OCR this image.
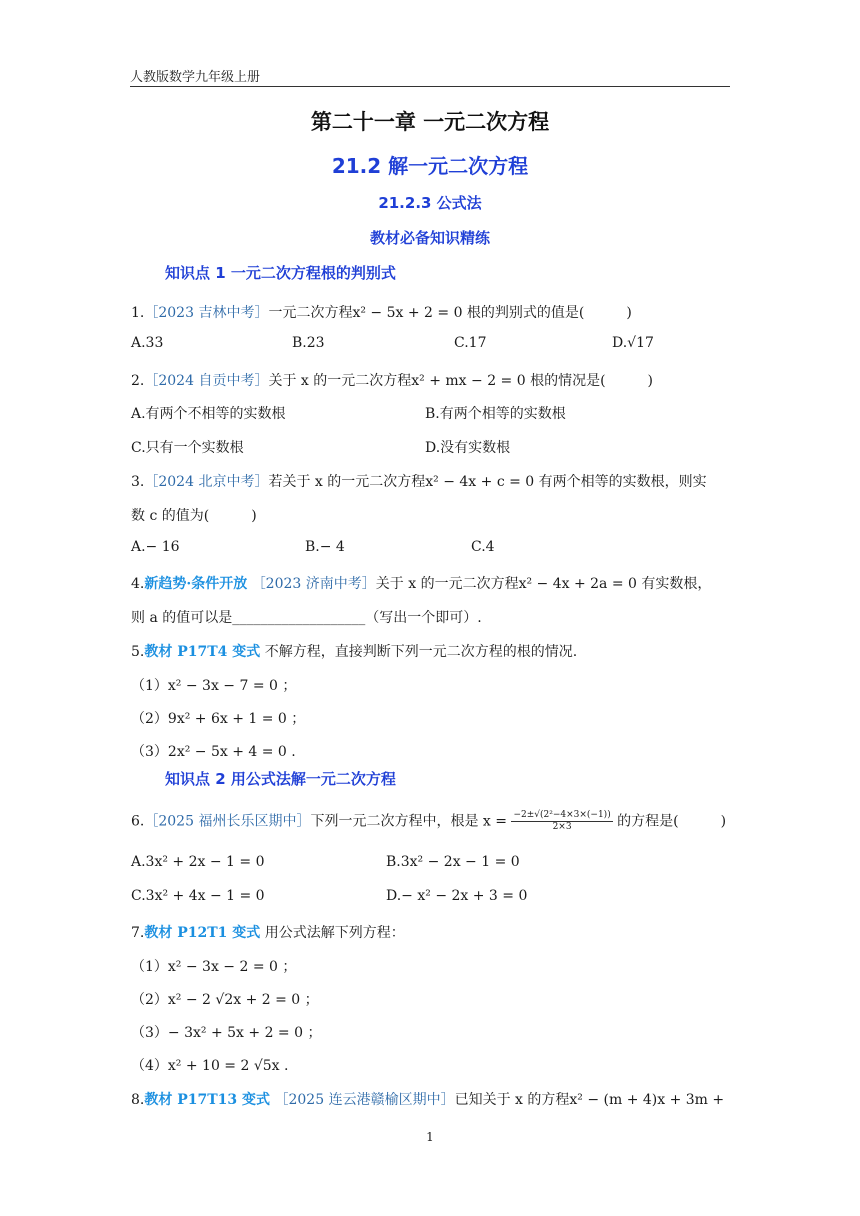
人教版数学九年级上册
第二十一章 一元二次方程
21.2 解一元二次方程
21.2.3 公式法
教材必备知识精练
知识点 1 一元二次方程根的判别式
1.［2023 吉林中考］一元二次方程x² − 5x + 2 = 0 根的判别式的值是(　　　)
A.33	B.23	C.17	D.√17
2.［2024 自贡中考］关于 x 的一元二次方程x² + mx − 2 = 0 根的情况是(　　　)
A.有两个不相等的实数根	B.有两个相等的实数根
C.只有一个实数根	D.没有实数根
3.［2024 北京中考］若关于 x 的一元二次方程x² − 4x + c = 0 有两个相等的实数根，则实
数 c 的值为(　　　)
A.− 16	B.− 4	C.4
4.新趋势·条件开放 ［2023 济南中考］关于 x 的一元二次方程x² − 4x + 2a = 0 有实数根，
则 a 的值可以是___________________（写出一个即可）.
5.教材 P17T4 变式 不解方程，直接判断下列一元二次方程的根的情况.
（1）x² − 3x − 7 = 0 ；
（2）9x² + 6x + 1 = 0 ；
（3）2x² − 5x + 4 = 0 .
知识点 2 用公式法解一元二次方程
6.［2025 福州长乐区期中］下列一元二次方程中，根是 $x = \frac{\text{−2±√(2²−4×3×(−1))}}{2\times 3}$ 的方程是(　　　)
A.3x² + 2x − 1 = 0	B.3x² − 2x − 1 = 0
C.3x² + 4x − 1 = 0	D.− x² − 2x + 3 = 0
7.教材 P12T1 变式 用公式法解下列方程：
（1）x² − 3x − 2 = 0 ；
（2）x² − 2 √2x + 2 = 0 ；
（3）− 3x² + 5x + 2 = 0 ；
（4）x² + 10 = 2 √5x .
8.教材 P17T13 变式 ［2025 连云港赣榆区期中］已知关于 x 的方程x² − (m + 4)x + 3m +
1
